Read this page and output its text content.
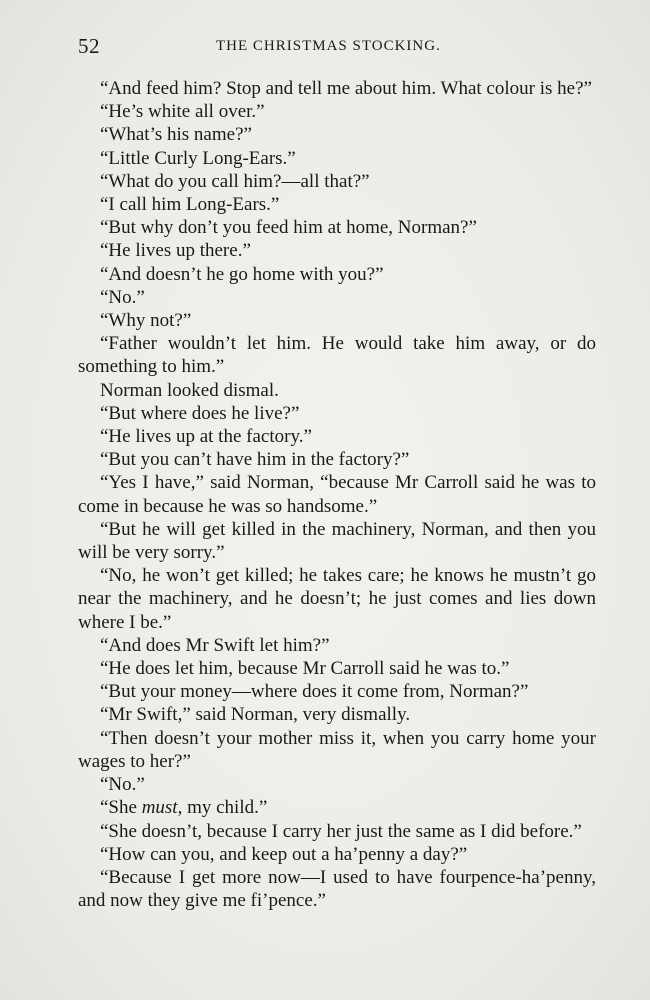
52	THE CHRISTMAS STOCKING.

“And feed him? Stop and tell me about him. What colour is he?”

“He’s white all over.”

“What’s his name?”

“Little Curly Long-Ears.”

“What do you call him?—all that?”

“I call him Long-Ears.”

“But why don’t you feed him at home, Norman?”

“He lives up there.”

“And doesn’t he go home with you?”

“No.”

“Why not?”

“Father wouldn’t let him. He would take him away, or do something to him.”

Norman looked dismal.

“But where does he live?”

“He lives up at the factory.”

“But you can’t have him in the factory?”

“Yes I have,” said Norman, “because Mr Carroll said he was to come in because he was so handsome.”

“But he will get killed in the machinery, Norman, and then you will be very sorry.”

“No, he won’t get killed; he takes care; he knows he mustn’t go near the machinery, and he doesn’t; he just comes and lies down where I be.”

“And does Mr Swift let him?”

“He does let him, because Mr Carroll said he was to.”

“But your money—where does it come from, Norman?”

“Mr Swift,” said Norman, very dismally.

“Then doesn’t your mother miss it, when you carry home your wages to her?”

“No.”

“She must, my child.”

“She doesn’t, because I carry her just the same as I did before.”

“How can you, and keep out a ha’penny a day?”

“Because I get more now—I used to have fourpence-ha’penny, and now they give me fi’pence.”
